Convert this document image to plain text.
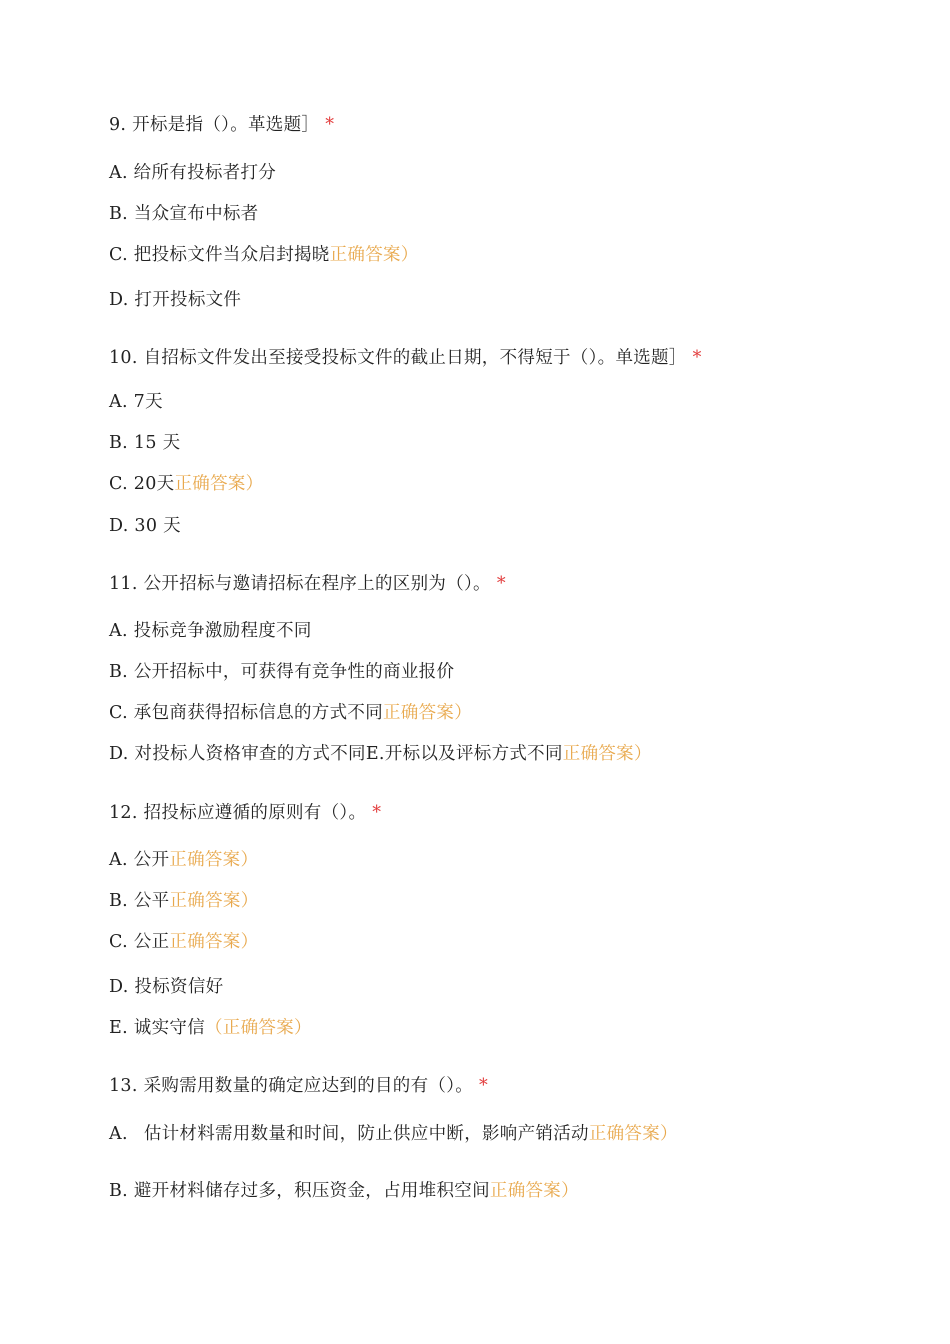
9. 开标是指（）。革选题］ *
A. 给所有投标者打分
B. 当众宣布中标者
C. 把投标文件当众启封揭晓正确答案）
D. 打开投标文件
10. 自招标文件发出至接受投标文件的截止日期，不得短于（）。单选题］ *
A. 7天
B. 15 天
C. 20天正确答案）
D. 30 天
11. 公开招标与邀请招标在程序上的区别为（）。 *
A. 投标竞争激励程度不同
B. 公开招标中，可获得有竞争性的商业报价
C. 承包商获得招标信息的方式不同正确答案）
D. 对投标人资格审查的方式不同E.开标以及评标方式不同正确答案）
12. 招投标应遵循的原则有（）。 *
A. 公开正确答案）
B. 公平正确答案）
C. 公正正确答案）
D. 投标资信好
E. 诚实守信（正确答案）
13. 采购需用数量的确定应达到的目的有（）。 *
A. 估计材料需用数量和时间，防止供应中断，影响产销活动正确答案）
B. 避开材料储存过多，积压资金，占用堆积空间正确答案）
